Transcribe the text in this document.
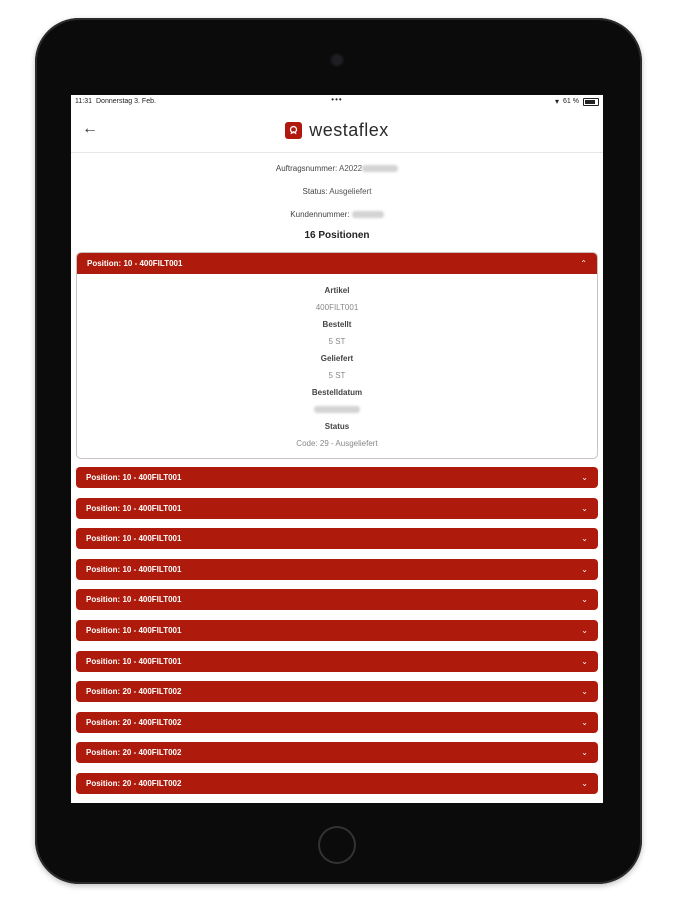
11:31 Donnerstag 3. Feb.	•••	▾ 61 %
←	westaflex
Auftragsnummer: A2022
Status: Ausgeliefert
Kundennummer:
16 Positionen
Position: 10 - 400FILT001	⌃
Artikel
400FILT001
Bestellt
5 ST
Geliefert
5 ST
Bestelldatum
Status
Code: 29 - Ausgeliefert
Position: 10 - 400FILT001	⌄
Position: 10 - 400FILT001	⌄
Position: 10 - 400FILT001	⌄
Position: 10 - 400FILT001	⌄
Position: 10 - 400FILT001	⌄
Position: 10 - 400FILT001	⌄
Position: 10 - 400FILT001	⌄
Position: 20 - 400FILT002	⌄
Position: 20 - 400FILT002	⌄
Position: 20 - 400FILT002	⌄
Position: 20 - 400FILT002	⌄
